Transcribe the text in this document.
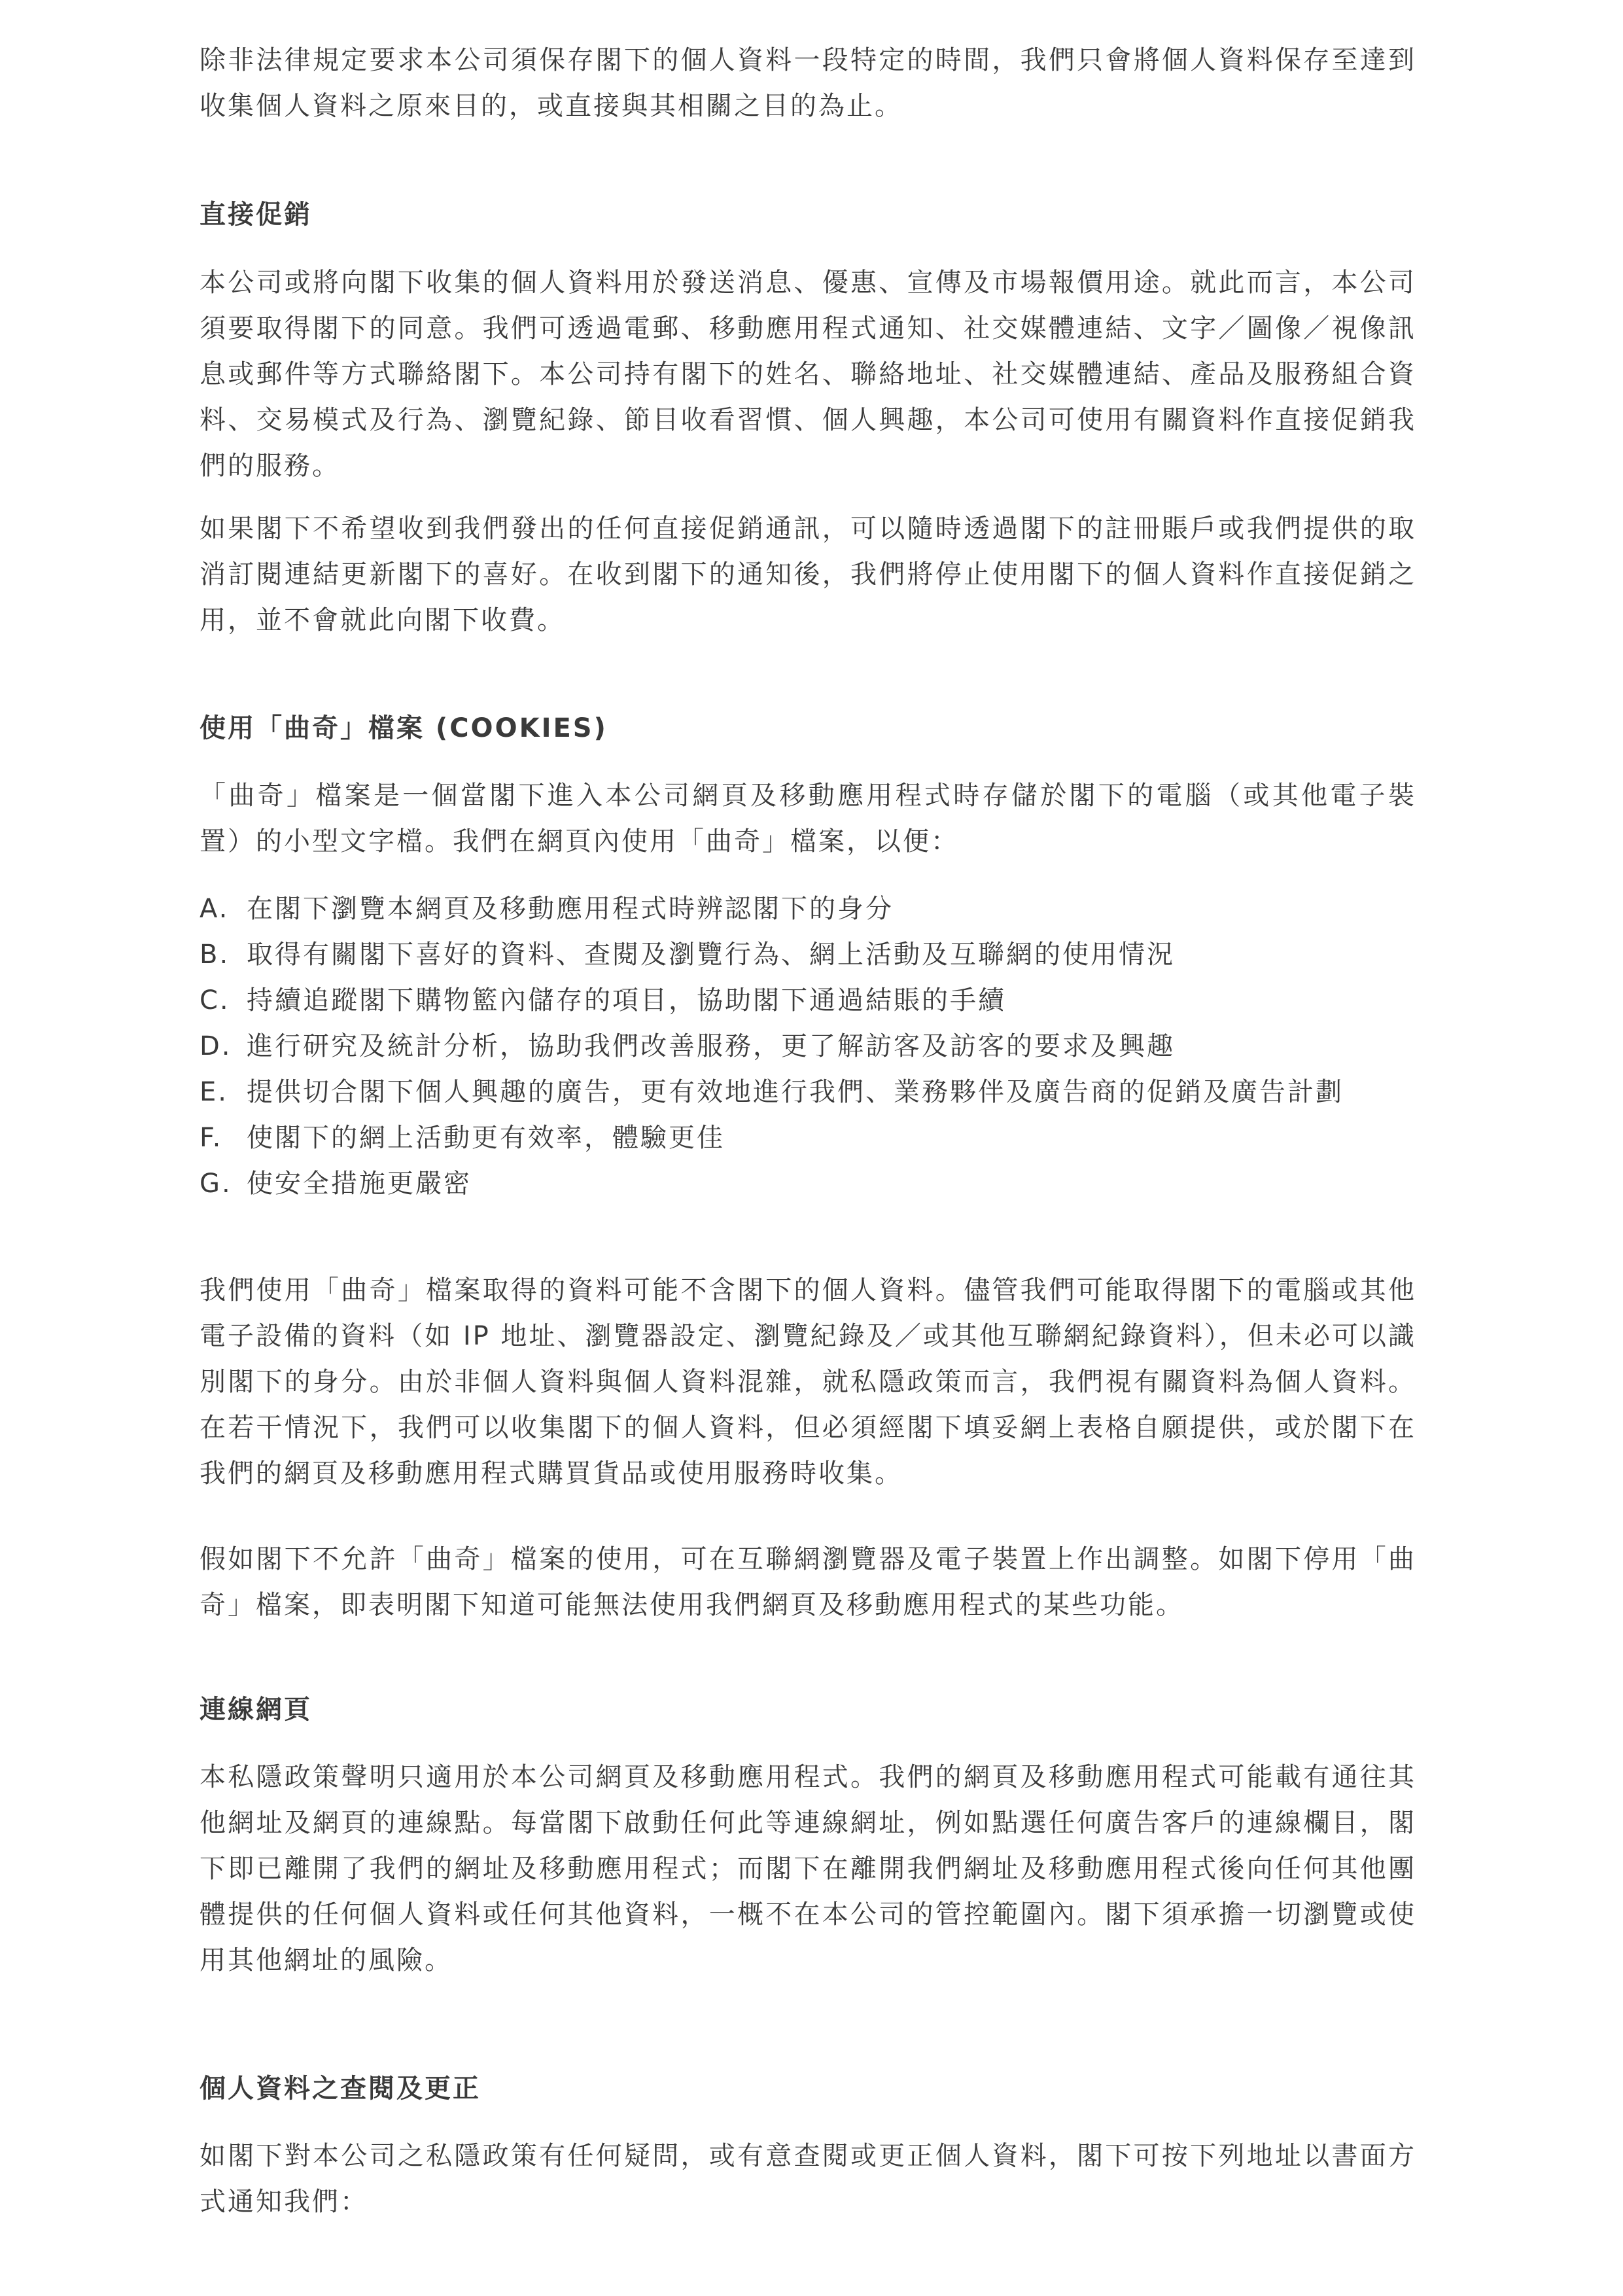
除非法律規定要求本公司須保存閣下的個人資料一段特定的時間，我們只會將個人資料保存至達到收集個人資料之原來目的，或直接與其相關之目的為止。

直接促銷

本公司或將向閣下收集的個人資料用於發送消息、優惠、宣傳及市場報價用途。就此而言，本公司須要取得閣下的同意。我們可透過電郵、移動應用程式通知、社交媒體連結、文字／圖像／視像訊息或郵件等方式聯絡閣下。本公司持有閣下的姓名、聯絡地址、社交媒體連結、產品及服務組合資料、交易模式及行為、瀏覽紀錄、節目收看習慣、個人興趣，本公司可使用有關資料作直接促銷我們的服務。

如果閣下不希望收到我們發出的任何直接促銷通訊，可以隨時透過閣下的註冊賬戶或我們提供的取消訂閱連結更新閣下的喜好。在收到閣下的通知後，我們將停止使用閣下的個人資料作直接促銷之用，並不會就此向閣下收費。

使用「曲奇」檔案 (COOKIES)

「曲奇」檔案是一個當閣下進入本公司網頁及移動應用程式時存儲於閣下的電腦（或其他電子裝置）的小型文字檔。我們在網頁內使用「曲奇」檔案，以便：

A. 在閣下瀏覽本網頁及移動應用程式時辨認閣下的身分
B. 取得有關閣下喜好的資料、查閱及瀏覽行為、網上活動及互聯網的使用情況
C. 持續追蹤閣下購物籃內儲存的項目，協助閣下通過結賬的手續
D. 進行研究及統計分析，協助我們改善服務，更了解訪客及訪客的要求及興趣
E. 提供切合閣下個人興趣的廣告，更有效地進行我們、業務夥伴及廣告商的促銷及廣告計劃
F. 使閣下的網上活動更有效率，體驗更佳
G. 使安全措施更嚴密

我們使用「曲奇」檔案取得的資料可能不含閣下的個人資料。儘管我們可能取得閣下的電腦或其他電子設備的資料（如 IP 地址、瀏覽器設定、瀏覽紀錄及／或其他互聯網紀錄資料），但未必可以識別閣下的身分。由於非個人資料與個人資料混雜，就私隱政策而言，我們視有關資料為個人資料。在若干情況下，我們可以收集閣下的個人資料，但必須經閣下填妥網上表格自願提供，或於閣下在我們的網頁及移動應用程式購買貨品或使用服務時收集。

假如閣下不允許「曲奇」檔案的使用，可在互聯網瀏覽器及電子裝置上作出調整。如閣下停用「曲奇」檔案，即表明閣下知道可能無法使用我們網頁及移動應用程式的某些功能。

連線網頁

本私隱政策聲明只適用於本公司網頁及移動應用程式。我們的網頁及移動應用程式可能載有通往其他網址及網頁的連線點。每當閣下啟動任何此等連線網址，例如點選任何廣告客戶的連線欄目，閣下即已離開了我們的網址及移動應用程式；而閣下在離開我們網址及移動應用程式後向任何其他團體提供的任何個人資料或任何其他資料，一概不在本公司的管控範圍內。閣下須承擔一切瀏覽或使用其他網址的風險。

個人資料之查閱及更正

如閣下對本公司之私隱政策有任何疑問，或有意查閱或更正個人資料，閣下可按下列地址以書面方式通知我們：
